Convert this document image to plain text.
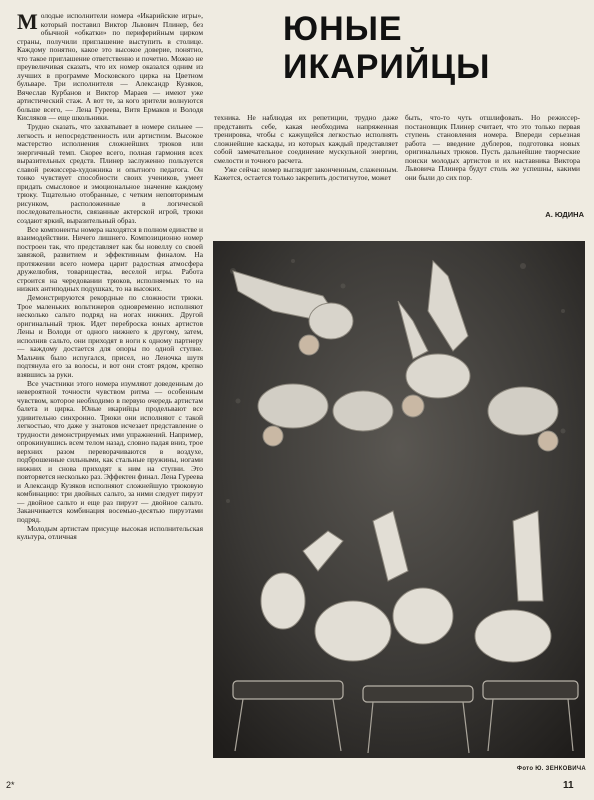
Молодые исполнители номера «Икарийские игры», который поставил Виктор Львович Плинер, без обычной «обкатки» по периферийным цирком страны, получили приглашение выступить в столице. Каждому понятно, какое это высокое доверие, понятно, что такое приглашение ответственно и почетно. Можно не преувеличивая сказать, что их номер оказался одним из лучших в программе Московского цирка на Цветном бульваре. Три исполнителя — Александр Кузяков, Вячеслав Курбанов и Виктор Мараев — имеют уже артистический стаж. А вот те, за кого зрители волнуются больше всего, — Лена Гуреева, Витя Ермаков и Володя Кисляков — еще школьники.

Трудно сказать, что захватывает в номере сильнее — легкость и непосредственность или артистизм. Высокое мастерство исполнения сложнейших трюков или энергичный темп. Скорее всего, полная гармония всех выразительных средств. Плинер заслуженно пользуется славой режиссера-художника и опытного педагога. Он тонко чувствует способности своих учеников, умеет придать смысловое и эмоциональное значение каждому трюку. Тщательно отобранные, с четким неповторимым рисунком, расположенные в логической последовательности, связанные актерской игрой, трюки создают яркий, выразительный образ.

Все компоненты номера находятся в полном единстве и взаимодействии. Ничего лишнего. Композиционно номер построен так, что представляет как бы новеллу со своей завязкой, развитием и эффективным финалом. На протяжении всего номера царит радостная атмосфера дружелюбия, товарищества, веселой игры. Работа строится на чередовании трюков, исполняемых то на низких антиподных подушках, то на высоких.

Демонстрируются рекордные по сложности трюки. Трое маленьких вольтижеров одновременно исполняют несколько сальто подряд на ногах нижних. Другой оригинальный трюк. Идет переброска юных артистов Лены и Володи от одного нижнего к другому, затем, исполнив сальто, они приходят в ноги к одному партнеру — каждому достается для опоры по одной ступне. Мальчик было испугался, присел, но Леночка шутя подтянула его за волосы, и вот они стоят рядом, крепко взявшись за руки.

Все участники этого номера изумляют доведенным до невероятной точности чувством ритма — особенным чувством, которое необходимо в первую очередь артистам балета и цирка. Юные икарийцы продельвают все удивительно синхронно. Трюки они исполняют с такой легкостью, что даже у знатоков исчезает представление о трудности демонстрируемых ими упражнений. Например, опрокинувшись всем телом назад, словно падая вниз, трое верхних разом переворачиваются в воздухе, подброшенные сильными, как стальные пружины, ногами нижних и снова приходят к ним на ступни. Это повторяется несколько раз. Эффектен финал. Лена Гуреева и Александр Кузяков исполняют сложнейшую трюковую комбинацию: три двойных сальто, за ними следует пируэт — двойное сальто и еще раз пируэт — двойное сальто. Заканчивается комбинация восемью-десятью пируэтами подряд.

Молодым артистам присуще высокая исполнительская культура, отличная

ЮНЫЕ
ИКАРИЙЦЫ

техника. Не наблюдая их репетиции, трудно даже представить себе, какая необходима напряженная тренировка, чтобы с кажущейся легкостью исполнять сложнейшие каскады, из которых каждый представляет собой замечательное соединение мускульной энергии, смелости и точного расчета.

Уже сейчас номер выглядит законченным, слаженным. Кажется, остается только закрепить достигнутое, может

быть, что-то чуть отшлифовать. Но режиссер-постановщик Плинер считает, что это только первая ступень становления номера. Впереди серьезная работа — введение дублеров, подготовка новых оригинальных трюков. Пусть дальнейшие творческие поиски молодых артистов и их наставника Виктора Львовича Плинера будут столь же успешны, какими они были до сих пор.

А. ЮДИНА
Фото Ю. ЗЕНКОВИЧА
2*	11
